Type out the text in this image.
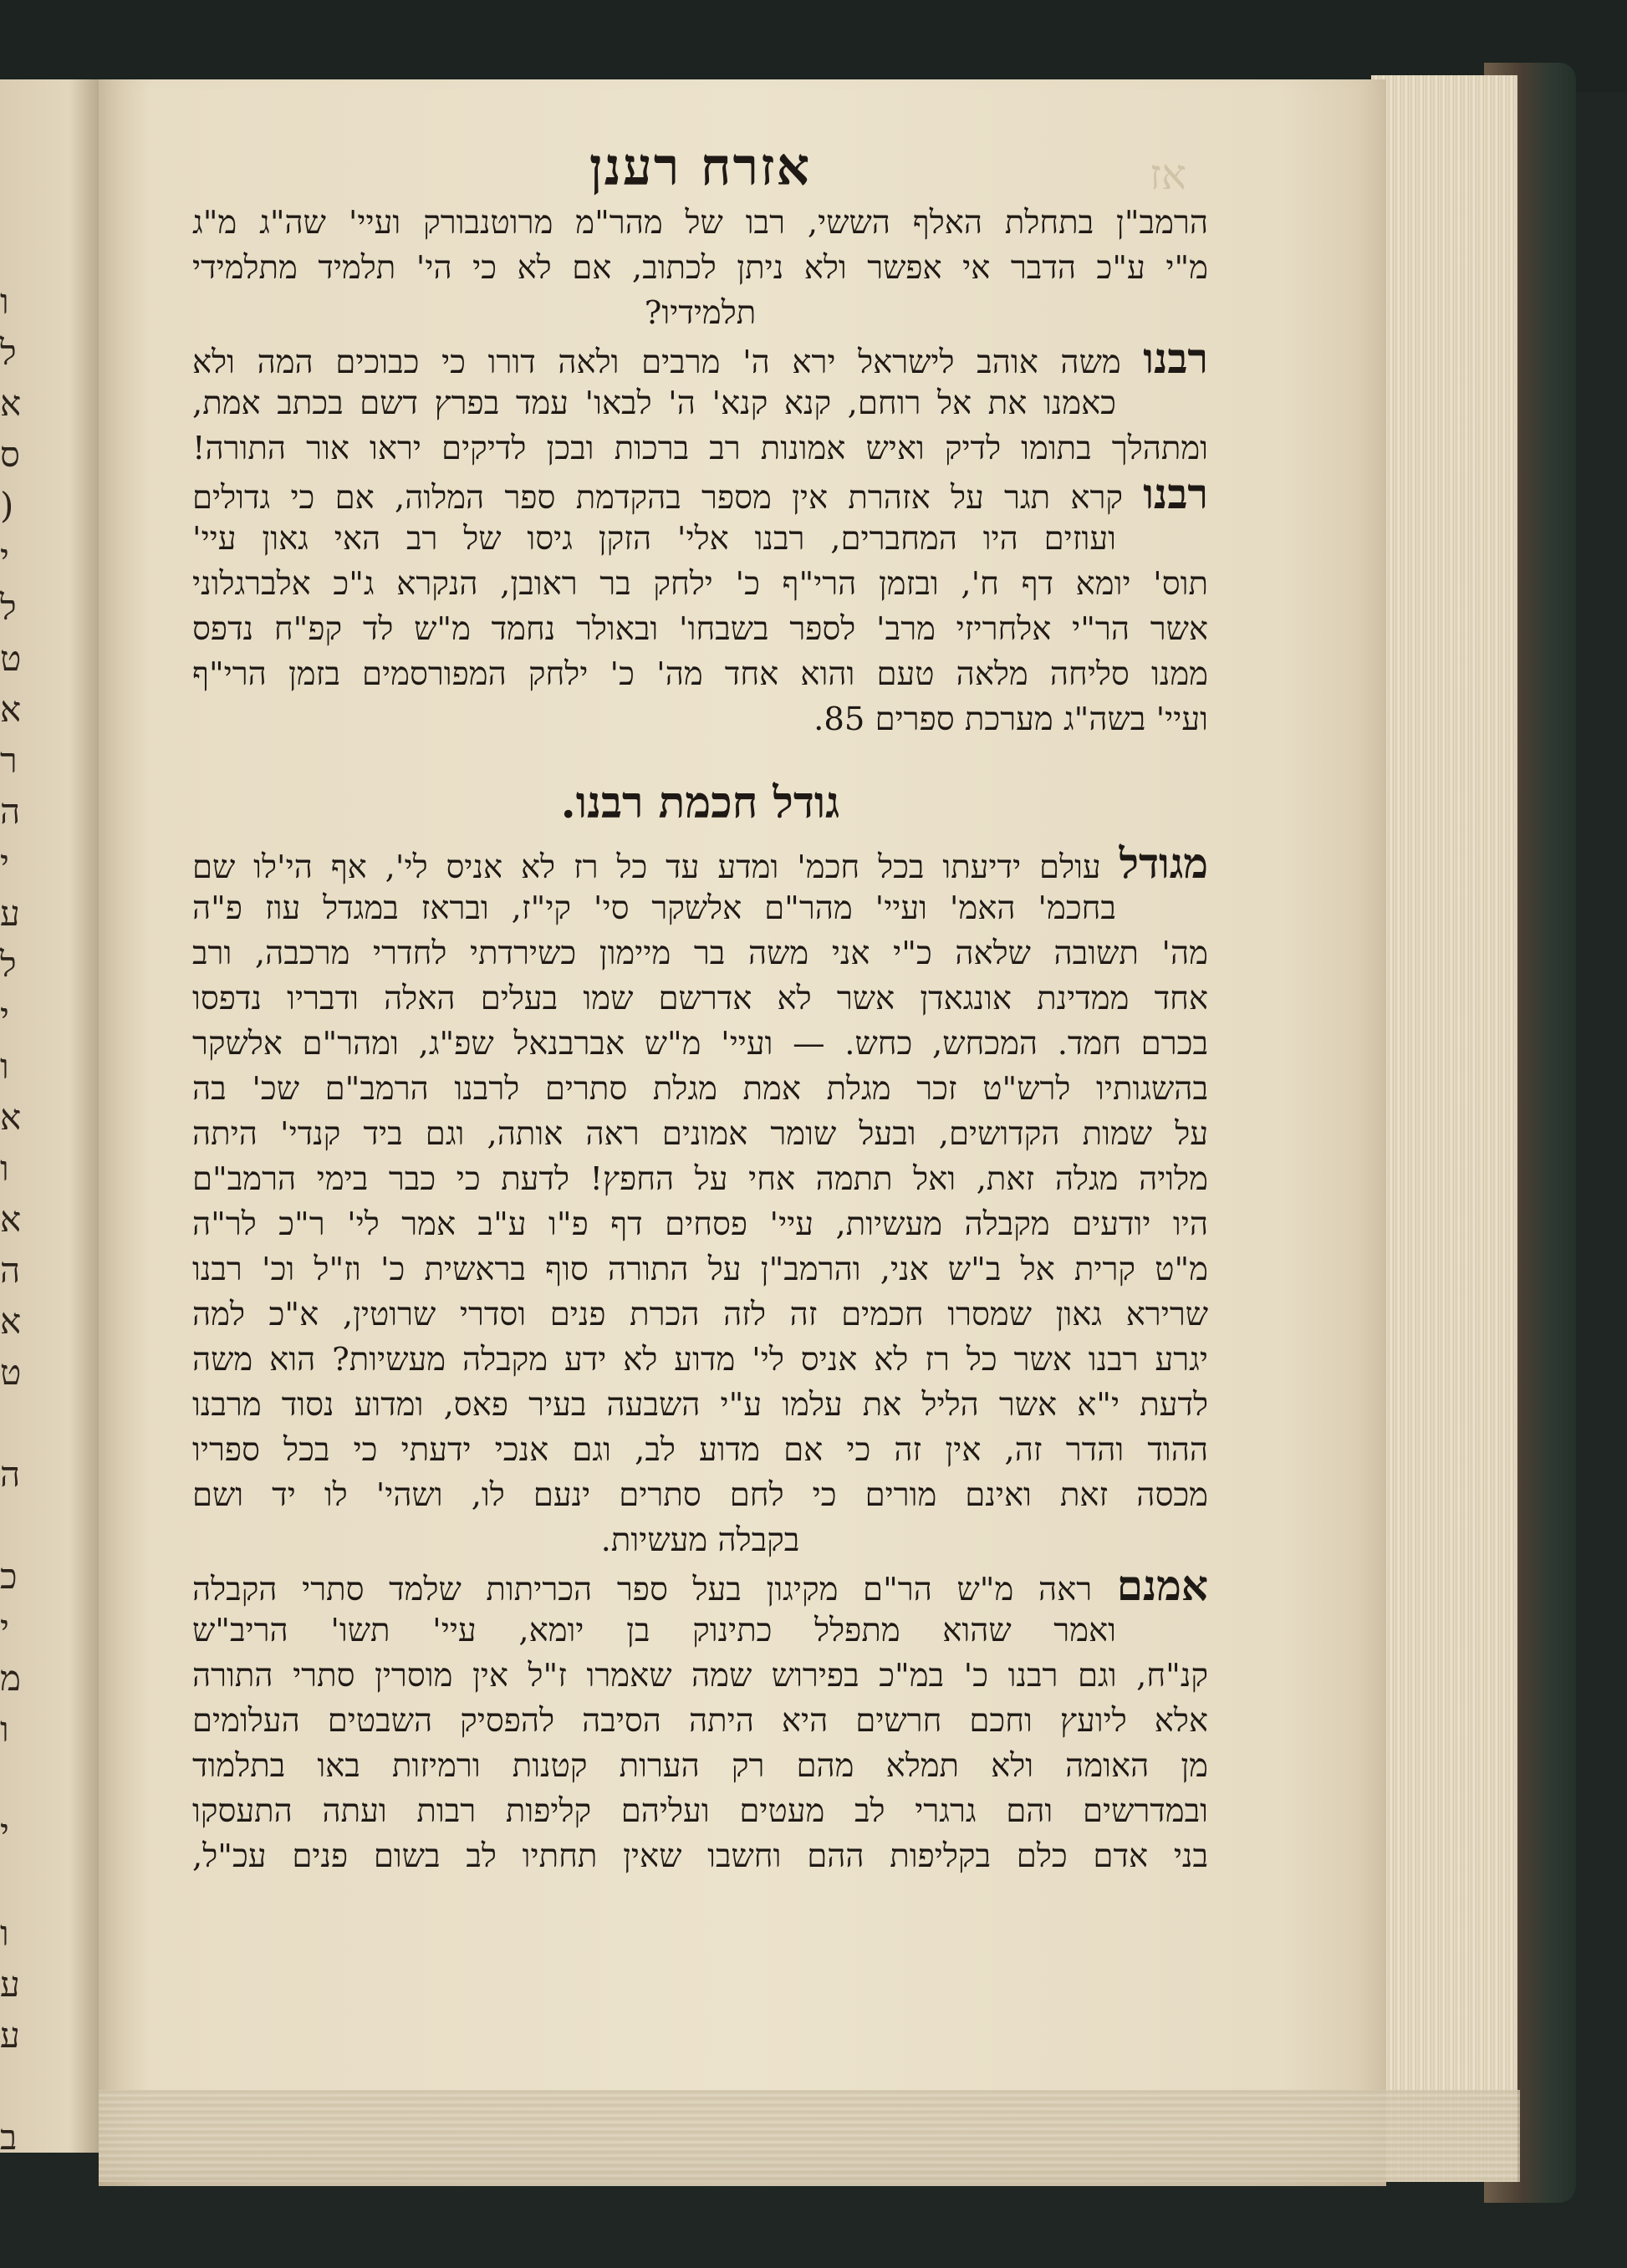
ו
ל
א
ס
(
י
ל
ט
א
ר
ה
י
ע
ל
י
ו
א
ו
א
ה
א
ט
ה
כ
י
מ
ו
י
ו
ע
ע
ב
אז
אזרח רענן
הרמב"ן בתחלת האלף הששי, רבו של מהר"מ מרוטנבורק ועיי' שה"ג מ"ג
מ"י ע"כ הדבר אי אפשר ולא ניתן לכתוב, אם לא כי הי' תלמיד מתלמידי
תלמידיו?
רבנו משה אוהב לישראל ירא ה' מרבים ולאה דורו כי כבוכים המה ולא
כאמנו את אל רוחם, קנא קנא' ה' לבאו' עמד בפרץ דשם בכתב אמת,
ומתהלך בתומו לדיק ואיש אמונות רב ברכות ובכן לדיקים יראו אור התורה!
רבנו קרא תגר על אזהרת אין מספר בהקדמת ספר המלוה, אם כי גדולים
ועוזים היו המחברים, רבנו אלי' הזקן גיסו של רב האי גאון עיי'
תוס' יומא דף ח', ובזמן הרי"ף כ' ילחק בר ראובן, הנקרא ג"כ אלברגלוני
אשר הר"י אלחריזי מרב' לספר בשבחו' ובאולר נחמד מ"ש לד קפ"ח נדפס
ממנו סליחה מלאה טעם והוא אחד מה' כ' ילחק המפורסמים בזמן הרי"ף
ועיי' בשה"ג מערכת ספרים 85.
גודל חכמת רבנו.
מגודל עולם ידיעתו בכל חכמ' ומדע עד כל רז לא אניס לי', אף הי'לו שם
בחכמ' האמ' ועיי' מהר"ם אלשקר סי' קי"ז, ובראז במגדל עוז פ"ה
מה' תשובה שלאה כ"י אני משה בר מיימון כשירדתי לחדרי מרכבה, ורב
אחד ממדינת אונגאדן אשר לא אדרשם שמו בעלים האלה ודבריו נדפסו
בכרם חמד. המכחש, כחש. — ועיי' מ"ש אברבנאל שפ"ג, ומהר"ם אלשקר
בהשגותיו לרש"ט זכר מגלת אמת מגלת סתרים לרבנו הרמב"ם שכ' בה
על שמות הקדושים, ובעל שומר אמונים ראה אותה, וגם ביד קנדי' היתה
מלויה מגלה זאת, ואל תתמה אחי על החפץ! לדעת כי כבר בימי הרמב"ם
היו יודעים מקבלה מעשיות, עיי' פסחים דף פ"ו ע"ב אמר לי' ר"כ לר"ה
מ"ט קרית אל ב"ש אני, והרמב"ן על התורה סוף בראשית כ' וז"ל וכ' רבנו
שרירא גאון שמסרו חכמים זה לזה הכרת פנים וסדרי שרוטין, א"כ למה
יגרע רבנו אשר כל רז לא אניס לי' מדוע לא ידע מקבלה מעשיות? הוא משה
לדעת י"א אשר הליל את עלמו ע"י השבעה בעיר פאס, ומדוע נסוד מרבנו
ההוד והדר זה, אין זה כי אם מדוע לב, וגם אנכי ידעתי כי בכל ספריו
מכסה זאת ואינם מורים כי לחם סתרים ינעם לו, ושהי' לו יד ושם
בקבלה מעשיות.
אמנם ראה מ"ש הר"ם מקיגון בעל ספר הכריתות שלמד סתרי הקבלה
ואמר שהוא מתפלל כתינוק בן יומא, עיי' תשו' הריב"ש
קנ"ח, וגם רבנו כ' במ"כ בפירוש שמה שאמרו ז"ל אין מוסרין סתרי התורה
אלא ליועץ וחכם חרשים היא היתה הסיבה להפסיק השבטים העלומים
מן האומה ולא תמלא מהם רק הערות קטנות ורמיזות באו בתלמוד
ובמדרשים והם גרגרי לב מעטים ועליהם קליפות רבות ועתה התעסקו
בני אדם כלם בקליפות ההם וחשבו שאין תחתיו לב בשום פנים עכ"ל,
